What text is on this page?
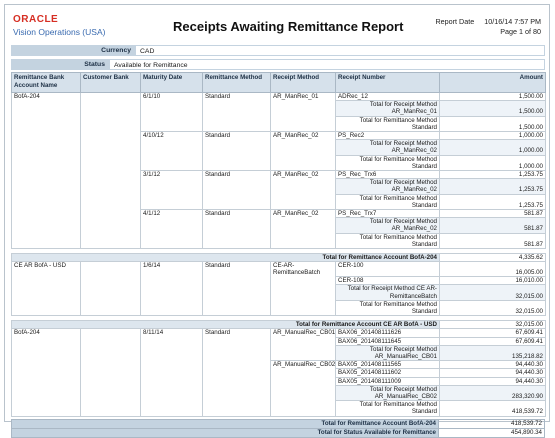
ORACLE
Vision Operations (USA)	Receipts Awaiting Remittance Report	Report Date 10/16/14 7:57 PM
Page 1 of 80
Currency	CAD
Status	Available for Remittance
Remittance Bank Account Name	Customer Bank	Maturity Date	Remittance Method	Receipt Method	Receipt Number	Amount
BofA-204		6/1/10	Standard	AR_ManRec_01	ADRec_12	1,500.00
					Total for Receipt Method AR_ManRec_01	1,500.00
					Total for Remittance Method Standard	1,500.00
		4/10/12	Standard	AR_ManRec_02	PS_Rec2	1,000.00
					Total for Receipt Method AR_ManRec_02	1,000.00
					Total for Remittance Method Standard	1,000.00
		3/1/12	Standard	AR_ManRec_02	PS_Rec_Trx6	1,253.75
					Total for Receipt Method AR_ManRec_02	1,253.75
					Total for Remittance Method Standard	1,253.75
		4/1/12	Standard	AR_ManRec_02	PS_Rec_Trx7	581.87
					Total for Receipt Method AR_ManRec_02	581.87
					Total for Remittance Method Standard	581.87

Total for Remittance Account BofA-204						4,335.62
CE AR BofA - USD		1/6/14	Standard	CE-AR-RemittanceBatch	CER-100	16,005.00
					CER-108	16,010.00
					Total for Receipt Method CE AR-RemittanceBatch	32,015.00
					Total for Remittance Method Standard	32,015.00

Total for Remittance Account CE AR BofA - USD						32,015.00
BofA-204		8/11/14	Standard	AR_ManualRec_CB01	BAX06_201408111626	67,609.41
					BAX06_201408111645	67,609.41
					Total for Receipt Method AR_ManualRec_CB01	135,218.82
				AR_ManualRec_CB02	BAX05_201408111565	94,440.30
					BAX05_201408111602	94,440.30
					BAX05_201408111009	94,440.30
					Total for Receipt Method AR_ManualRec_CB02	283,320.90
					Total for Remittance Method Standard	418,539.72
Total for Remittance Account BofA-204	418,539.72
Total for Status Available for Remittance	454,890.34
